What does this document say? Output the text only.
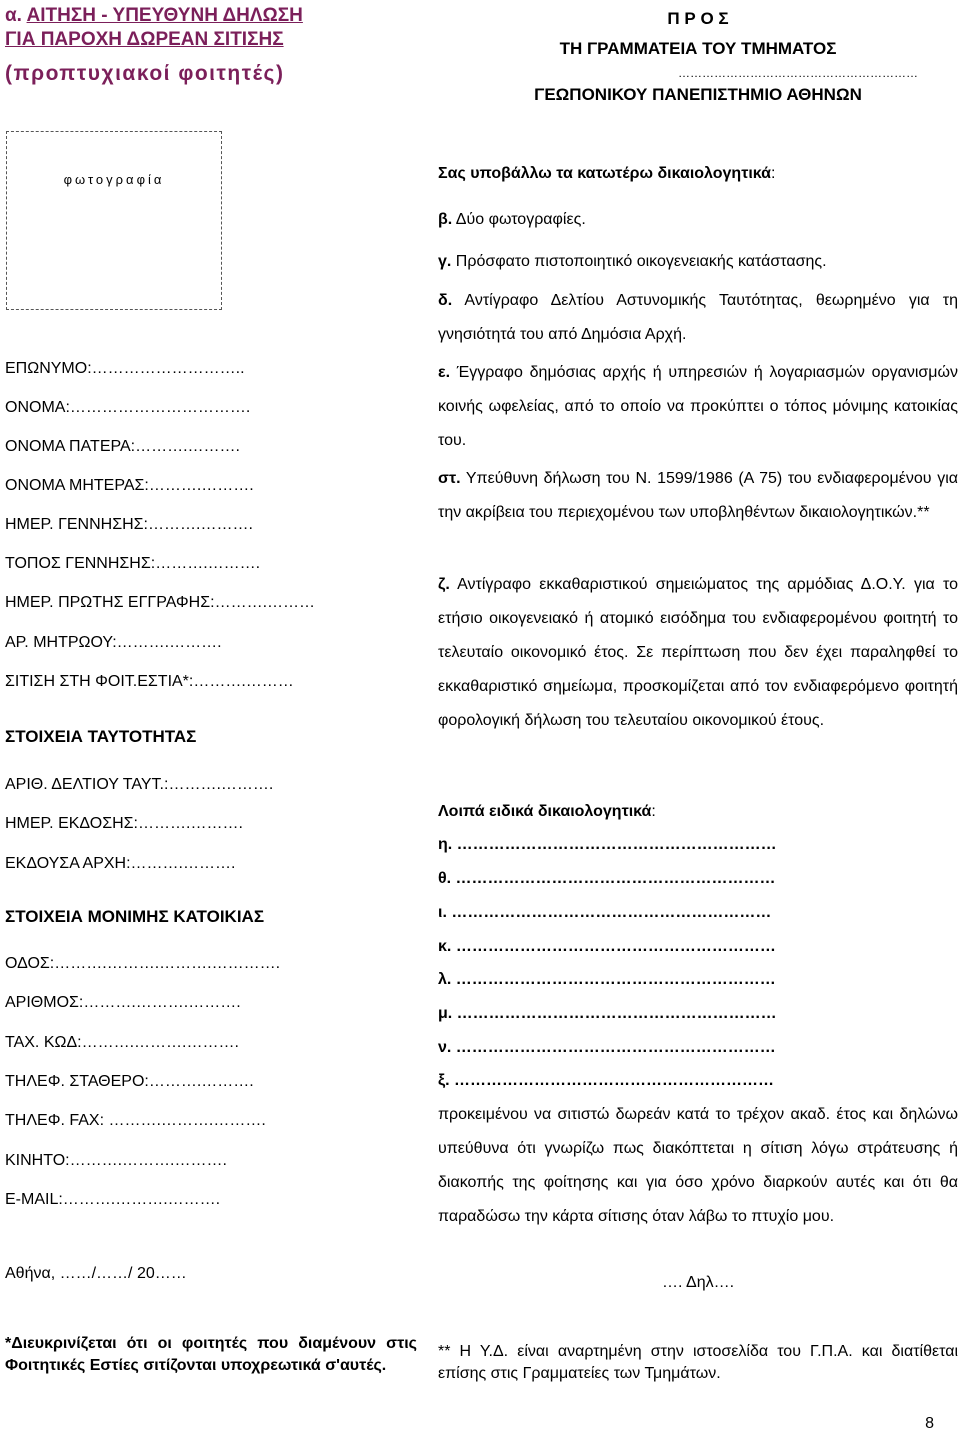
α. ΑΙΤΗΣΗ - ΥΠΕΥΘΥΝΗ ΔΗΛΩΣΗ
ΓΙΑ ΠΑΡΟΧΗ ΔΩΡΕΑΝ ΣΙΤΙΣΗΣ
(προπτυχιακοί φοιτητές)
Π Ρ Ο Σ
ΤΗ ΓΡΑΜΜΑΤΕΙΑ ΤΟΥ ΤΜΗΜΑΤΟΣ
……………………………………………………
ΓΕΩΠΟΝΙΚΟΥ ΠΑΝΕΠΙΣΤΗΜΙΟ ΑΘΗΝΩΝ
φωτογραφία
ΕΠΩΝΥΜΟ:………………………..
ΟΝΟΜΑ:…………………………….
ΟΝΟΜΑ ΠΑΤΕΡΑ:……….……….
ΟΝΟΜΑ ΜΗΤΕΡΑΣ:……….……….
ΗΜΕΡ. ΓΕΝΝΗΣΗΣ:……….……….
ΤΟΠΟΣ ΓΕΝΝΗΣΗΣ:……….……….
ΗΜΕΡ. ΠΡΩΤΗΣ ΕΓΓΡΑΦΗΣ:……….………
ΑΡ. ΜΗΤΡΩΟΥ:……….……….
ΣΙΤΙΣΗ ΣΤΗ ΦΟΙΤ.ΕΣΤΙΑ*:……….………
ΣΤΟΙΧΕΙΑ ΤΑΥΤΟΤΗΤΑΣ
ΑΡΙΘ. ΔΕΛΤΙΟΥ ΤΑΥΤ.:……….……….
ΗΜΕΡ. ΕΚΔΟΣΗΣ:……….……….
ΕΚΔΟΥΣΑ ΑΡΧΗ:……….……….
ΣΤΟΙΧΕΙΑ ΜΟΝΙΜΗΣ ΚΑΤΟΙΚΙΑΣ
ΟΔΟΣ:……….……….……….………….
ΑΡΙΘΜΟΣ:……….……….……….
ΤΑΧ. ΚΩΔ:……….……….……….
ΤΗΛΕΦ. ΣΤΑΘΕΡΟ:……….……….
ΤΗΛΕΦ. FAX: ……….……….……….
ΚΙΝΗΤΟ:……….……….……….
E-MAIL:……….……….……….
Αθήνα, ……/……/ 20……
Σας υποβάλλω τα κατωτέρω δικαιολογητικά:
β. Δύο φωτογραφίες.
γ. Πρόσφατο πιστοποιητικό οικογενειακής κατάστασης.
δ. Αντίγραφο Δελτίου Αστυνομικής Ταυτότητας, θεωρημένο για τη γνησιότητά του από Δημόσια Αρχή.
ε. Έγγραφο δημόσιας αρχής ή υπηρεσιών ή λογαριασμών οργανισμών κοινής ωφελείας, από το οποίο να προκύπτει ο τόπος μόνιμης κατοικίας του.
στ. Υπεύθυνη δήλωση του Ν. 1599/1986 (Α 75) του ενδιαφερομένου για την ακρίβεια του περιεχομένου των υποβληθέντων δικαιολογητικών.**
ζ. Αντίγραφο εκκαθαριστικού σημειώματος της αρμόδιας Δ.Ο.Υ. για το ετήσιο οικογενειακό ή ατομικό εισόδημα του ενδιαφερομένου φοιτητή το τελευταίο οικονομικό έτος. Σε περίπτωση που δεν έχει παραληφθεί το εκκαθαριστικό σημείωμα, προσκομίζεται από τον ενδιαφερόμενο φοιτητή φορολογική δήλωση του τελευταίου οικονομικού έτους.
Λοιπά ειδικά δικαιολογητικά:
η. ……………………………………………………
θ. ……………………………………………………
ι. ……………………………………………………
κ. ……………………………………………………
λ. ……………………………………………………
μ. ……………………………………………………
ν. ……………………………………………………
ξ. ……………………………………………………
προκειμένου να σιτιστώ δωρεάν κατά το τρέχον ακαδ. έτος και δηλώνω υπεύθυνα ότι γνωρίζω πως διακόπτεται η σίτιση λόγω στράτευσης ή διακοπής της φοίτησης και για όσο χρόνο διαρκούν αυτές και ότι θα παραδώσω την κάρτα σίτισης όταν λάβω το πτυχίο μου.
…. Δηλ….
*Διευκρινίζεται ότι οι φοιτητές που διαμένουν στις Φοιτητικές Εστίες σιτίζονται υποχρεωτικά σ'αυτές.
** Η Υ.Δ. είναι αναρτημένη στην ιστοσελίδα του Γ.Π.Α. και διατίθεται επίσης στις Γραμματείες των Τμημάτων.
8
